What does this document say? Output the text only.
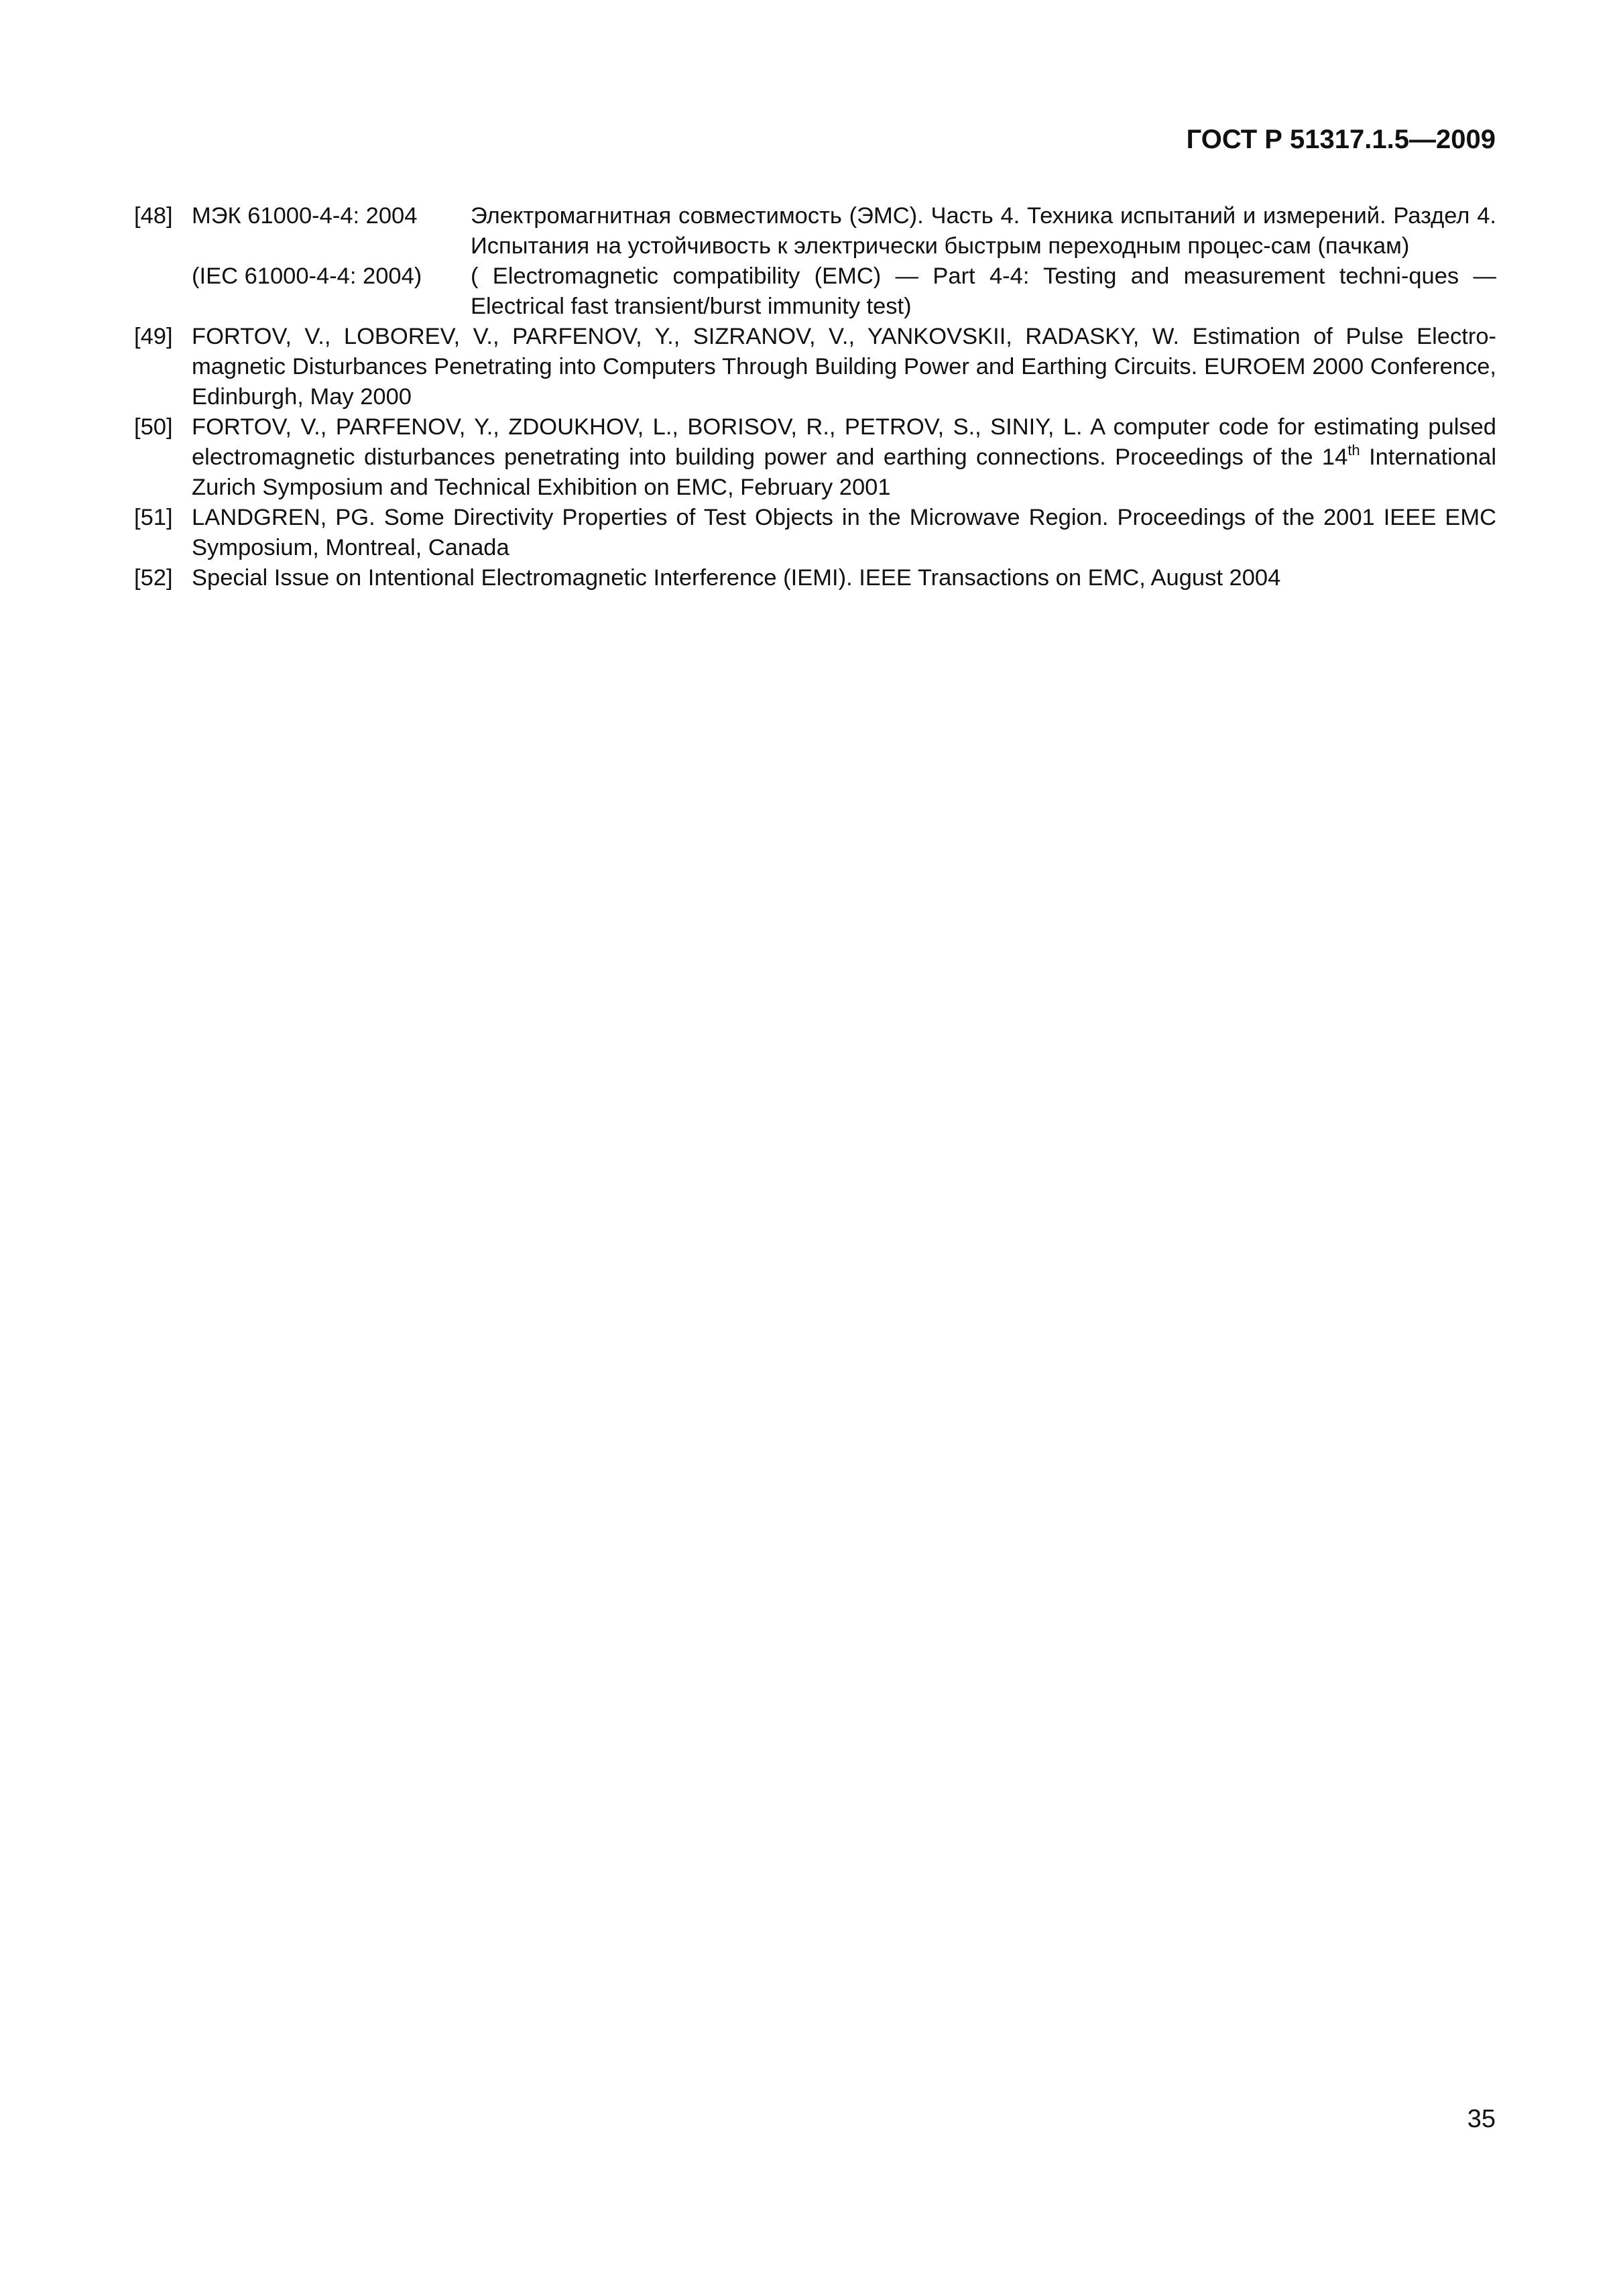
ГОСТ Р 51317.1.5—2009
[48] МЭК 61000-4-4: 2004	Электромагнитная совместимость (ЭМС). Часть 4. Техника испытаний и измерений. Раздел 4. Испытания на устойчивость к электрически быстрым переходным процес-сам (пачкам)
(IEC 61000-4-4: 2004)	( Electromagnetic compatibility (EMC) — Part 4-4: Testing and measurement techni-ques — Electrical fast transient/burst immunity test)
[49] FORTOV, V., LOBOREV, V., PARFENOV, Y., SIZRANOV, V., YANKOVSKII, RADASKY, W. Estimation of Pulse Electro-magnetic Disturbances Penetrating into Computers Through Building Power and Earthing Circuits. EUROEM 2000 Conference, Edinburgh, May 2000
[50] FORTOV, V., PARFENOV, Y., ZDOUKHOV, L., BORISOV, R., PETROV, S., SINIY, L. A computer code for estimating pulsed electromagnetic disturbances penetrating into building power and earthing connections. Proceedings of the 14th International Zurich Symposium and Technical Exhibition on EMC, February 2001
[51] LANDGREN, PG. Some Directivity Properties of Test Objects in the Microwave Region. Proceedings of the 2001 IEEE EMC Symposium, Montreal, Canada
[52] Special Issue on Intentional Electromagnetic Interference (IEMI). IEEE Transactions on EMC, August 2004
35
